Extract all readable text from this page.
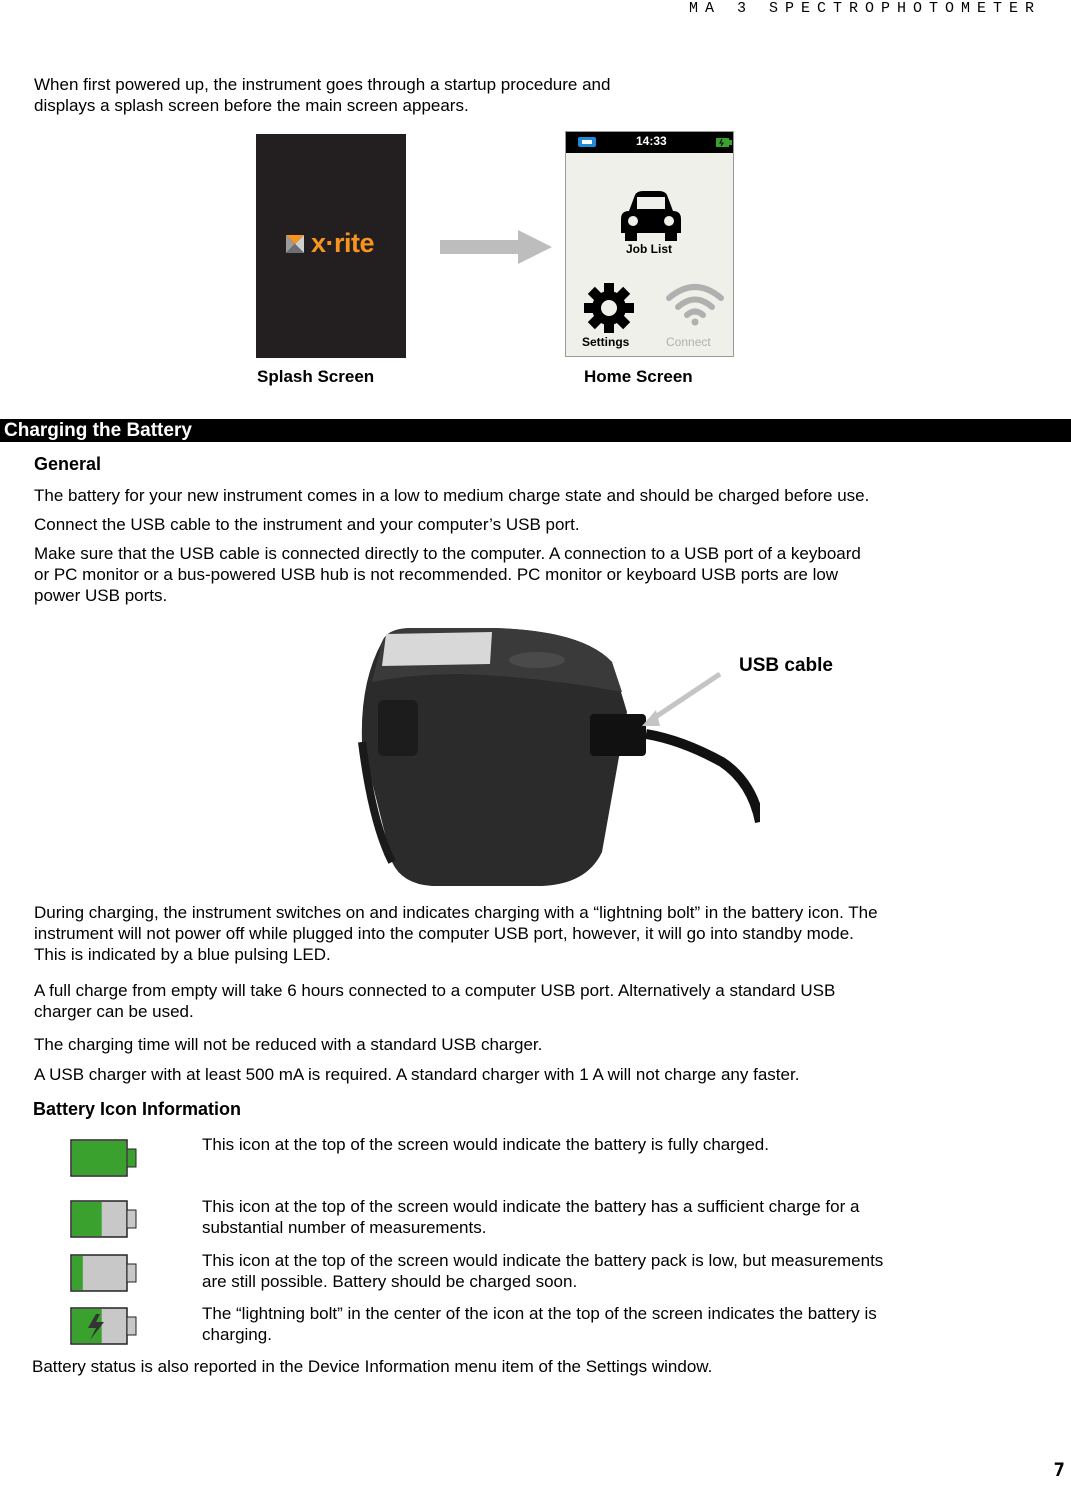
MA 3 SPECTROPHOTOMETER
When first powered up, the instrument goes through a startup procedure and
displays a splash screen before the main screen appears.
x·rite
14:33
Job List
Settings	Connect
Splash Screen	Home Screen
Charging the Battery
General
The battery for your new instrument comes in a low to medium charge state and should be charged before use.
Connect the USB cable to the instrument and your computer’s USB port.
Make sure that the USB cable is connected directly to the computer. A connection to a USB port of a keyboard
or PC monitor or a bus-powered USB hub is not recommended. PC monitor or keyboard USB ports are low
power USB ports.
USB cable
During charging, the instrument switches on and indicates charging with a “lightning bolt” in the battery icon. The
instrument will not power off while plugged into the computer USB port, however, it will go into standby mode.
This is indicated by a blue pulsing LED.
A full charge from empty will take 6 hours connected to a computer USB port. Alternatively a standard USB
charger can be used.
The charging time will not be reduced with a standard USB charger.
A USB charger with at least 500 mA is required. A standard charger with 1 A will not charge any faster.
Battery Icon Information
This icon at the top of the screen would indicate the battery is fully charged.
This icon at the top of the screen would indicate the battery has a sufficient charge for a
substantial number of measurements.
This icon at the top of the screen would indicate the battery pack is low, but measurements
are still possible. Battery should be charged soon.
The “lightning bolt” in the center of the icon at the top of the screen indicates the battery is
charging.
Battery status is also reported in the Device Information menu item of the Settings window.
7
